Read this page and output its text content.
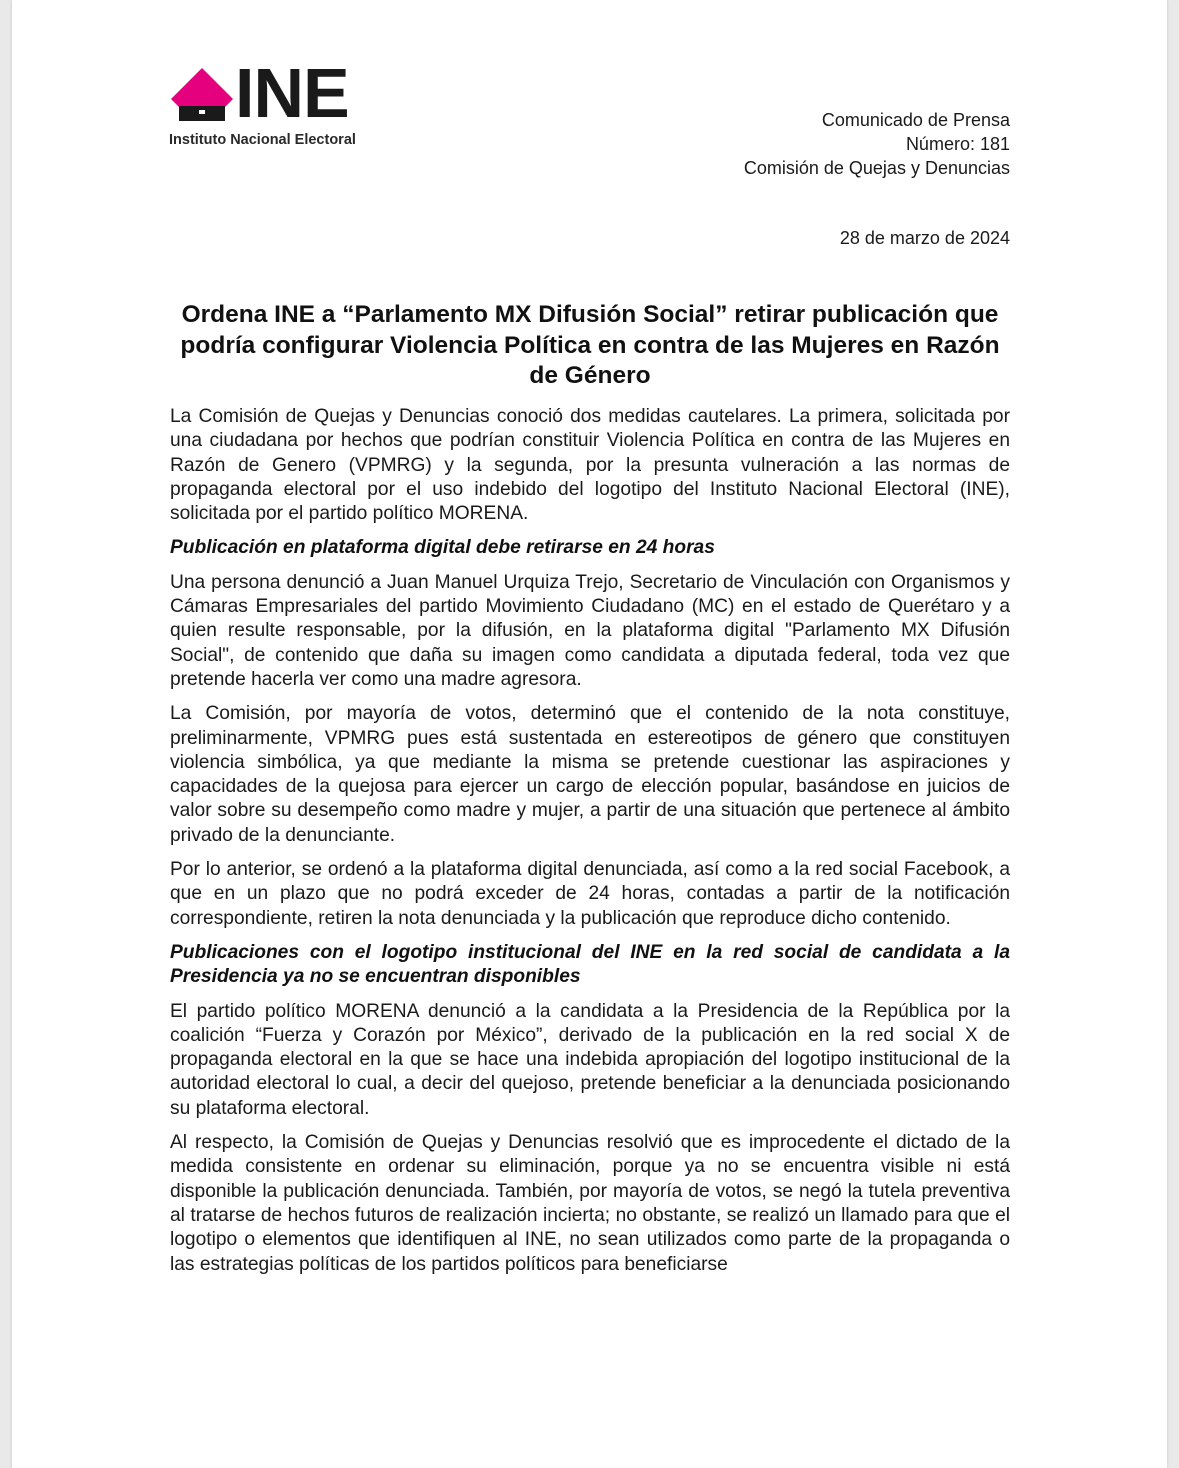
INE
Instituto Nacional Electoral
Comunicado de Prensa
Número: 181
Comisión de Quejas y Denuncias
28 de marzo de 2024
Ordena INE a “Parlamento MX Difusión Social” retirar publicación que podría configurar Violencia Política en contra de las Mujeres en Razón de Género

La Comisión de Quejas y Denuncias conoció dos medidas cautelares. La primera, solicitada por una ciudadana por hechos que podrían constituir Violencia Política en contra de las Mujeres en Razón de Genero (VPMRG) y la segunda, por la presunta vulneración a las normas de propaganda electoral por el uso indebido del logotipo del Instituto Nacional Electoral (INE), solicitada por el partido político MORENA.

Publicación en plataforma digital debe retirarse en 24 horas

Una persona denunció a Juan Manuel Urquiza Trejo, Secretario de Vinculación con Organismos y Cámaras Empresariales del partido Movimiento Ciudadano (MC) en el estado de Querétaro y a quien resulte responsable, por la difusión, en la plataforma digital "Parlamento MX Difusión Social", de contenido que daña su imagen como candidata a diputada federal, toda vez que pretende hacerla ver como una madre agresora.

La Comisión, por mayoría de votos, determinó que el contenido de la nota constituye, preliminarmente, VPMRG pues está sustentada en estereotipos de género que constituyen violencia simbólica, ya que mediante la misma se pretende cuestionar las aspiraciones y capacidades de la quejosa para ejercer un cargo de elección popular, basándose en juicios de valor sobre su desempeño como madre y mujer, a partir de una situación que pertenece al ámbito privado de la denunciante.

Por lo anterior, se ordenó a la plataforma digital denunciada, así como a la red social Facebook, a que en un plazo que no podrá exceder de 24 horas, contadas a partir de la notificación correspondiente, retiren la nota denunciada y la publicación que reproduce dicho contenido.

Publicaciones con el logotipo institucional del INE en la red social de candidata a la Presidencia ya no se encuentran disponibles

El partido político MORENA denunció a la candidata a la Presidencia de la República por la coalición “Fuerza y Corazón por México”, derivado de la publicación en la red social X de propaganda electoral en la que se hace una indebida apropiación del logotipo institucional de la autoridad electoral lo cual, a decir del quejoso, pretende beneficiar a la denunciada posicionando su plataforma electoral.

Al respecto, la Comisión de Quejas y Denuncias resolvió que es improcedente el dictado de la medida consistente en ordenar su eliminación, porque ya no se encuentra visible ni está disponible la publicación denunciada. También, por mayoría de votos, se negó la tutela preventiva al tratarse de hechos futuros de realización incierta; no obstante, se realizó un llamado para que el logotipo o elementos que identifiquen al INE, no sean utilizados como parte de la propaganda o las estrategias políticas de los partidos políticos para beneficiarse
